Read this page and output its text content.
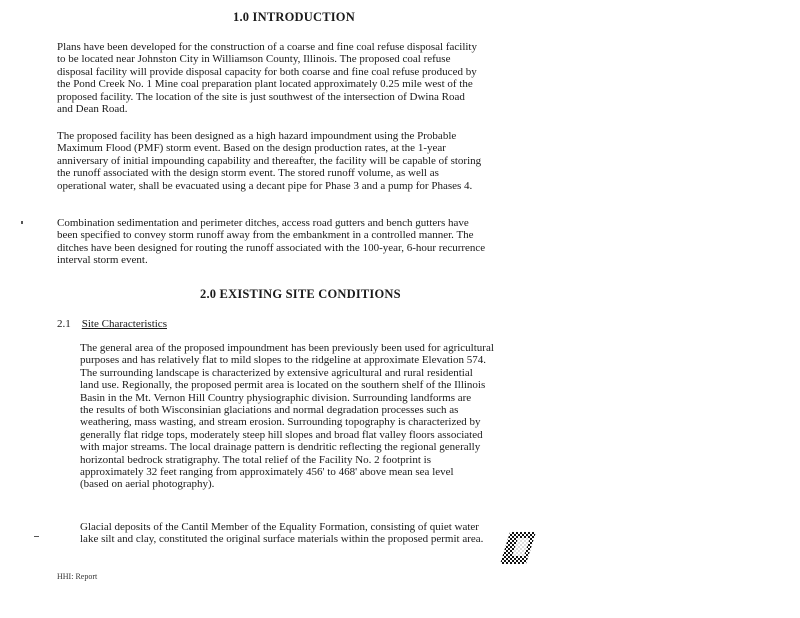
1.0 INTRODUCTION
Plans have been developed for the construction of a coarse and fine coal refuse disposal facility
to be located near Johnston City in Williamson County, Illinois. The proposed coal refuse
disposal facility will provide disposal capacity for both coarse and fine coal refuse produced by
the Pond Creek No. 1 Mine coal preparation plant located approximately 0.25 mile west of the
proposed facility. The location of the site is just southwest of the intersection of Dwina Road
and Dean Road.
The proposed facility has been designed as a high hazard impoundment using the Probable
Maximum Flood (PMF) storm event. Based on the design production rates, at the 1-year
anniversary of initial impounding capability and thereafter, the facility will be capable of storing
the runoff associated with the design storm event. The stored runoff volume, as well as
operational water, shall be evacuated using a decant pipe for Phase 3 and a pump for Phases 4.
Combination sedimentation and perimeter ditches, access road gutters and bench gutters have
been specified to convey storm runoff away from the embankment in a controlled manner. The
ditches have been designed for routing the runoff associated with the 100-year, 6-hour recurrence
interval storm event.
2.0 EXISTING SITE CONDITIONS
2.1 Site Characteristics
The general area of the proposed impoundment has been previously been used for agricultural
purposes and has relatively flat to mild slopes to the ridgeline at approximate Elevation 574.
The surrounding landscape is characterized by extensive agricultural and rural residential
land use. Regionally, the proposed permit area is located on the southern shelf of the Illinois
Basin in the Mt. Vernon Hill Country physiographic division. Surrounding landforms are
the results of both Wisconsinian glaciations and normal degradation processes such as
weathering, mass wasting, and stream erosion. Surrounding topography is characterized by
generally flat ridge tops, moderately steep hill slopes and broad flat valley floors associated
with major streams. The local drainage pattern is dendritic reflecting the regional generally
horizontal bedrock stratigraphy. The total relief of the Facility No. 2 footprint is
approximately 32 feet ranging from approximately 456' to 468' above mean sea level
(based on aerial photography).
Glacial deposits of the Cantil Member of the Equality Formation, consisting of quiet water
lake silt and clay, constituted the original surface materials within the proposed permit area.
HHI: Report
